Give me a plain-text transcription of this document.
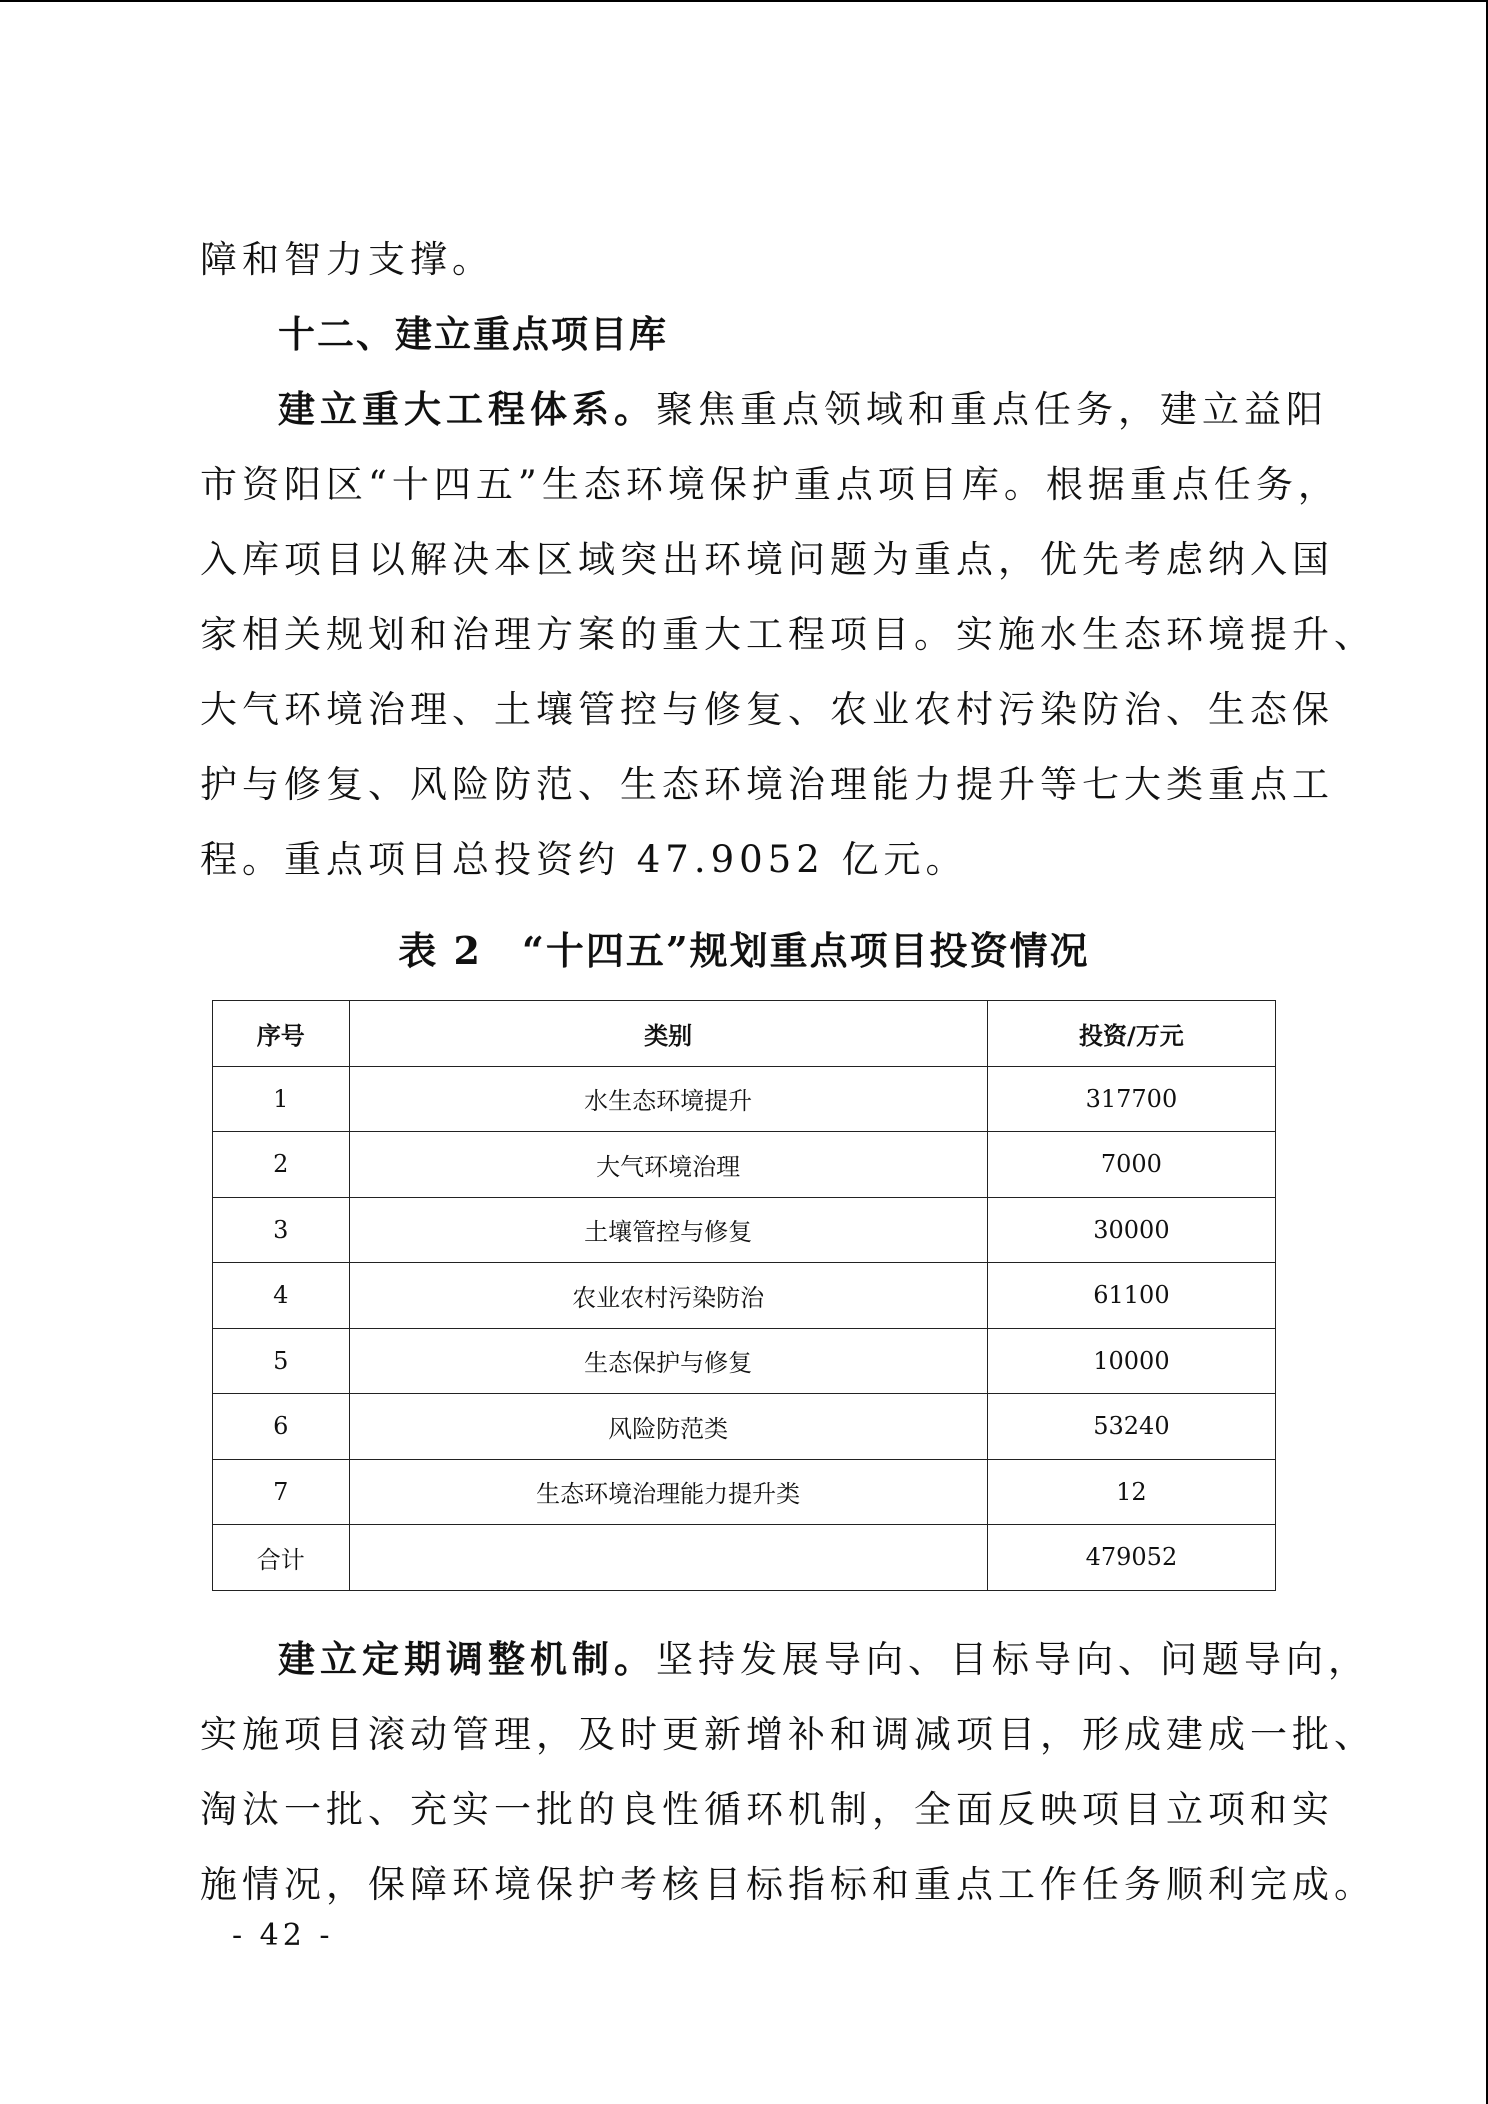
障和智力支撑。
十二、建立重点项目库
建立重大工程体系。聚焦重点领域和重点任务，建立益阳
市资阳区“十四五”生态环境保护重点项目库。根据重点任务，
入库项目以解决本区域突出环境问题为重点，优先考虑纳入国
家相关规划和治理方案的重大工程项目。实施水生态环境提升、
大气环境治理、土壤管控与修复、农业农村污染防治、生态保
护与修复、风险防范、生态环境治理能力提升等七大类重点工
程。重点项目总投资约 47.9052 亿元。
表 2　“十四五”规划重点项目投资情况
序号	类别	投资/万元
1	水生态环境提升	317700
2	大气环境治理	7000
3	土壤管控与修复	30000
4	农业农村污染防治	61100
5	生态保护与修复	10000
6	风险防范类	53240
7	生态环境治理能力提升类	12
合计		479052
建立定期调整机制。坚持发展导向、目标导向、问题导向，
实施项目滚动管理，及时更新增补和调减项目，形成建成一批、
淘汰一批、充实一批的良性循环机制，全面反映项目立项和实
施情况，保障环境保护考核目标指标和重点工作任务顺利完成。
- 42 -
